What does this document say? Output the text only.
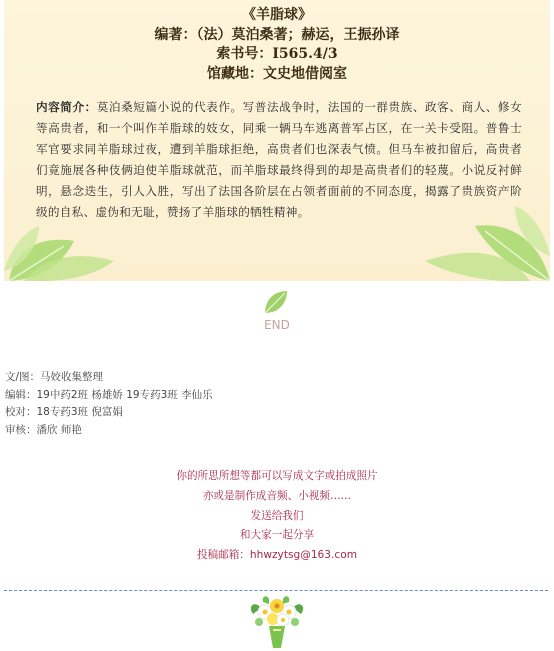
《羊脂球》
编著：（法）莫泊桑著；赫运，王振孙译
索书号：I565.4/3
馆藏地：文史地借阅室
内容简介：莫泊桑短篇小说的代表作。写普法战争时，法国的一群贵族、政客、商人、修女等高贵者，和一个叫作羊脂球的妓女，同乘一辆马车逃离普军占区，在一关卡受阻。普鲁士军官要求同羊脂球过夜，遭到羊脂球拒绝，高贵者们也深表气愤。但马车被扣留后，高贵者们竟施展各种伎俩迫使羊脂球就范，而羊脂球最终得到的却是高贵者们的轻蔑。小说反衬鲜明，悬念迭生，引人入胜，写出了法国各阶层在占领者面前的不同态度，揭露了贵族资产阶级的自私、虚伪和无耻，赞扬了羊脂球的牺牲精神。
END
文/图：马姣收集整理
编辑：19中药2班 杨雄娇 19专药3班 李仙乐
校对：18专药3班 倪富娟
审核：潘欣 师艳
你的所思所想等都可以写成文字或拍成照片
亦或是制作成音频、小视频……
发送给我们
和大家一起分享
投稿邮箱：hhwzytsg@163.com
